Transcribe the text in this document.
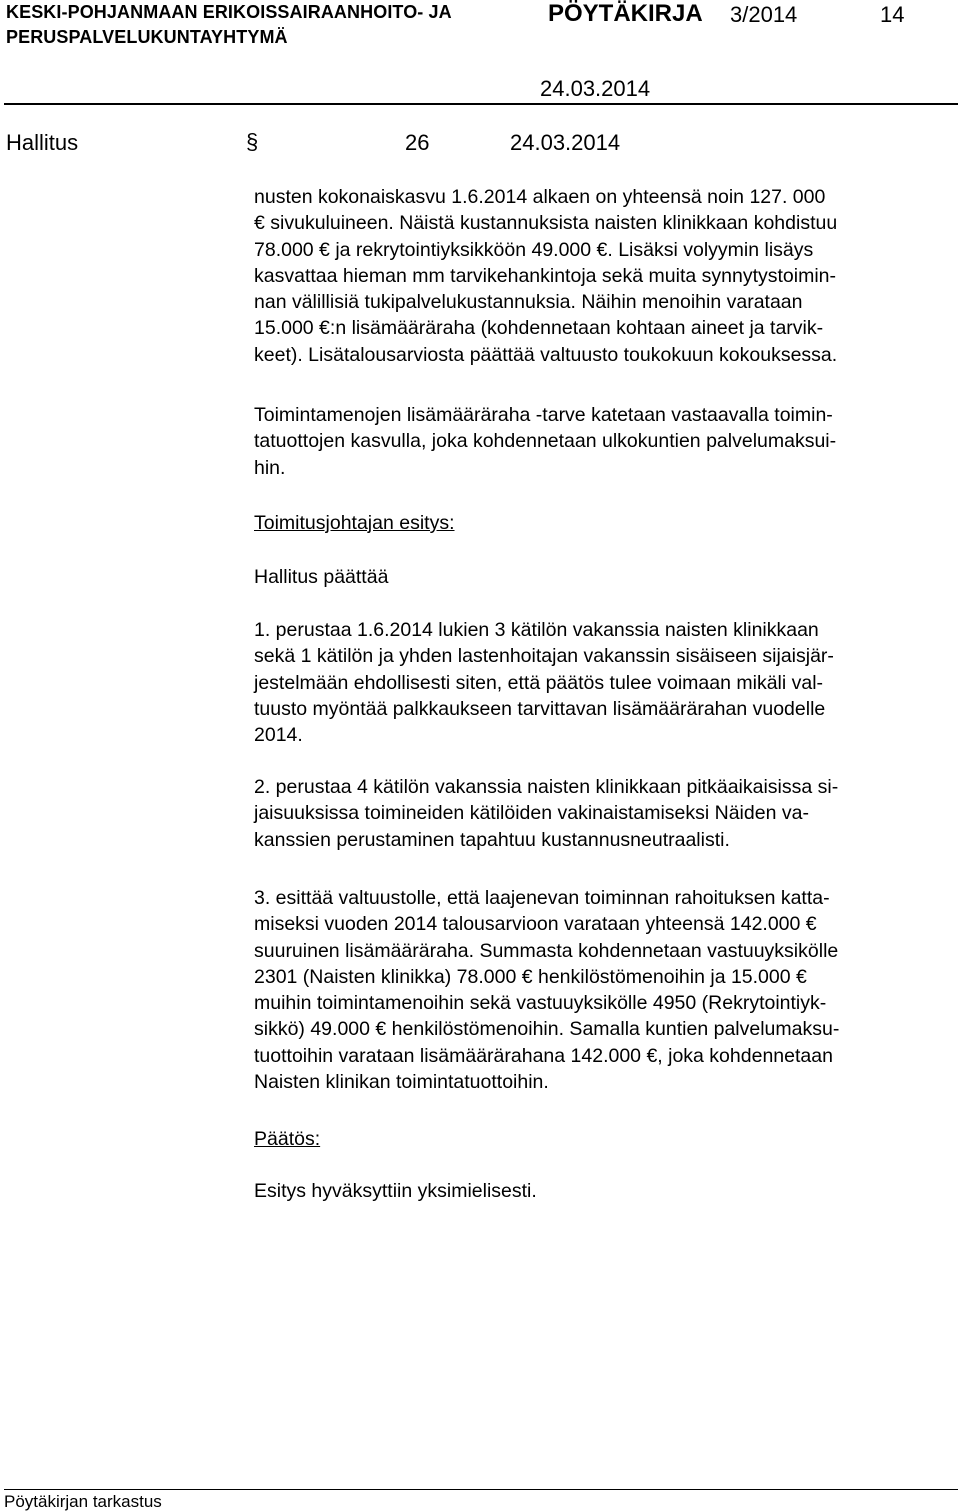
KESKI-POHJANMAAN ERIKOISSAIRAANHOITO- JA
PERUSPALVELUKUNTAYHTYMÄ
PÖYTÄKIRJA 3/2014	14
24.03.2014
Hallitus	§	26	24.03.2014
nusten kokonaiskasvu 1.6.2014 alkaen on yhteensä noin 127. 000
€ sivukuluineen. Näistä kustannuksista naisten klinikkaan kohdistuu
78.000 € ja rekrytointiyksikköön 49.000 €. Lisäksi volyymin lisäys
kasvattaa hieman mm tarvikehankintoja sekä muita synnytystoimin-
nan välillisiä tukipalvelukustannuksia. Näihin menoihin varataan
15.000 €:n lisämääräraha (kohdennetaan kohtaan aineet ja tarvik-
keet). Lisätalousarviosta päättää valtuusto toukokuun kokouksessa.
Toimintamenojen lisämääräraha -tarve katetaan vastaavalla toimin-
tatuottojen kasvulla, joka kohdennetaan ulkokuntien palvelumaksui-
hin.
Toimitusjohtajan esitys:
Hallitus päättää
1. perustaa 1.6.2014 lukien 3 kätilön vakanssia naisten klinikkaan
sekä 1 kätilön ja yhden lastenhoitajan vakanssin sisäiseen sijaisjär-
jestelmään ehdollisesti siten, että päätös tulee voimaan mikäli val-
tuusto myöntää palkkaukseen tarvittavan lisämäärärahan vuodelle
2014.
2. perustaa 4 kätilön vakanssia naisten klinikkaan pitkäaikaisissa si-
jaisuuksissa toimineiden kätilöiden vakinaistamiseksi Näiden va-
kanssien perustaminen tapahtuu kustannusneutraalisti.
3. esittää valtuustolle, että laajenevan toiminnan rahoituksen katta-
miseksi vuoden 2014 talousarvioon varataan yhteensä 142.000 €
suuruinen lisämääräraha. Summasta kohdennetaan vastuuyksikölle
2301 (Naisten klinikka) 78.000 € henkilöstömenoihin ja 15.000 €
muihin toimintamenoihin sekä vastuuyksikölle 4950 (Rekrytointiyk-
sikkö) 49.000 € henkilöstömenoihin. Samalla kuntien palvelumaksu-
tuottoihin varataan lisämäärärahana 142.000 €, joka kohdennetaan
Naisten klinikan toimintatuottoihin.
Päätös:
Esitys hyväksyttiin yksimielisesti.
Pöytäkirjan tarkastus
